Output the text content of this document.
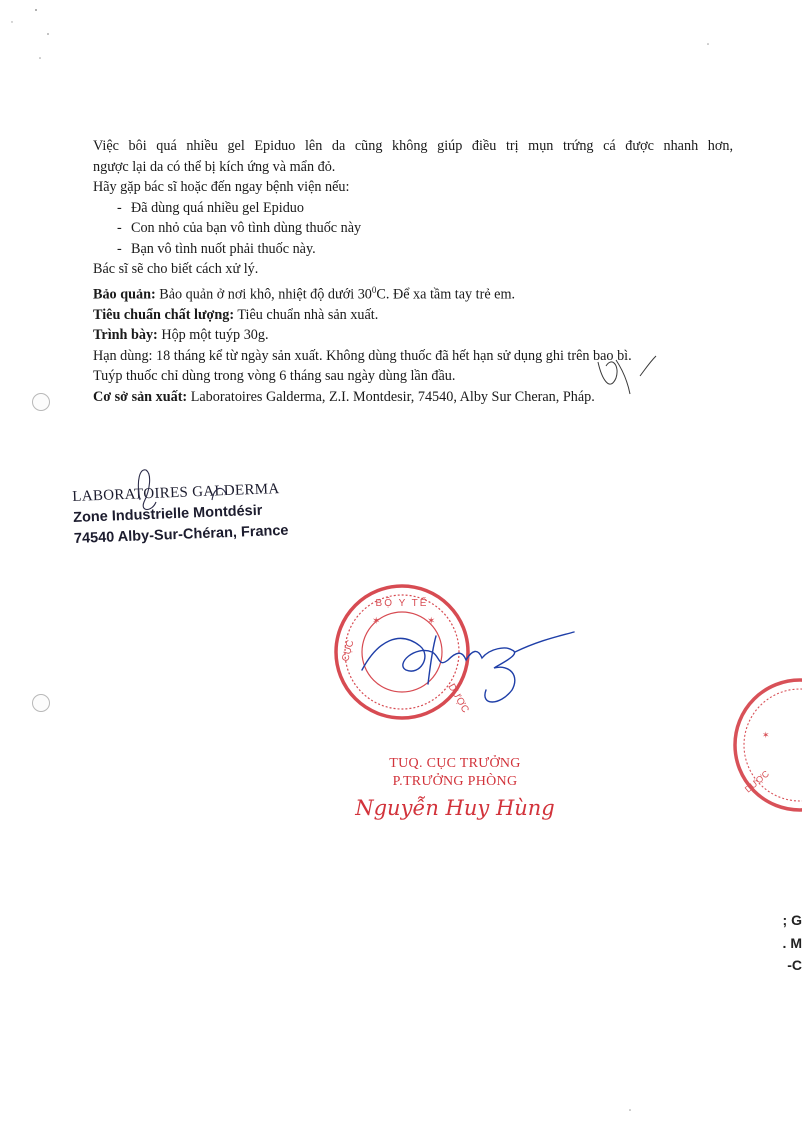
Việc bôi quá nhiều gel Epiduo lên da cũng không giúp điều trị mụn trứng cá được nhanh hơn,

ngược lại da có thể bị kích ứng và mẩn đỏ.

Hãy gặp bác sĩ hoặc đến ngay bệnh viện nếu:

- Đã dùng quá nhiều gel Epiduo
- Con nhỏ của bạn vô tình dùng thuốc này
- Bạn vô tình nuốt phải thuốc này.

Bác sĩ sẽ cho biết cách xử lý.

Bảo quản: Bảo quản ở nơi khô, nhiệt độ dưới $30^0C$. Để xa tầm tay trẻ em.

Tiêu chuẩn chất lượng: Tiêu chuẩn nhà sản xuất.

Trình bày: Hộp một tuýp 30g.

Hạn dùng: 18 tháng kể từ ngày sản xuất. Không dùng thuốc đã hết hạn sử dụng ghi trên bao bì.

Tuýp thuốc chỉ dùng trong vòng 6 tháng sau ngày dùng lần đầu.

Cơ sở sản xuất: Laboratoires Galderma, Z.I. Montdesir, 74540, Alby Sur Cheran, Pháp.

LABORATOIRES GALDERMA
Zone Industrielle Montdésir
74540 Alby-Sur-Chéran, France
BỘ Y TẾ
CỤC
DƯỢC
✶	✶
DƯỢC
✶
TUQ. CỤC TRƯỞNG
P.TRƯỞNG PHÒNG
Nguyễn Huy Hùng
; G
. M
-C
